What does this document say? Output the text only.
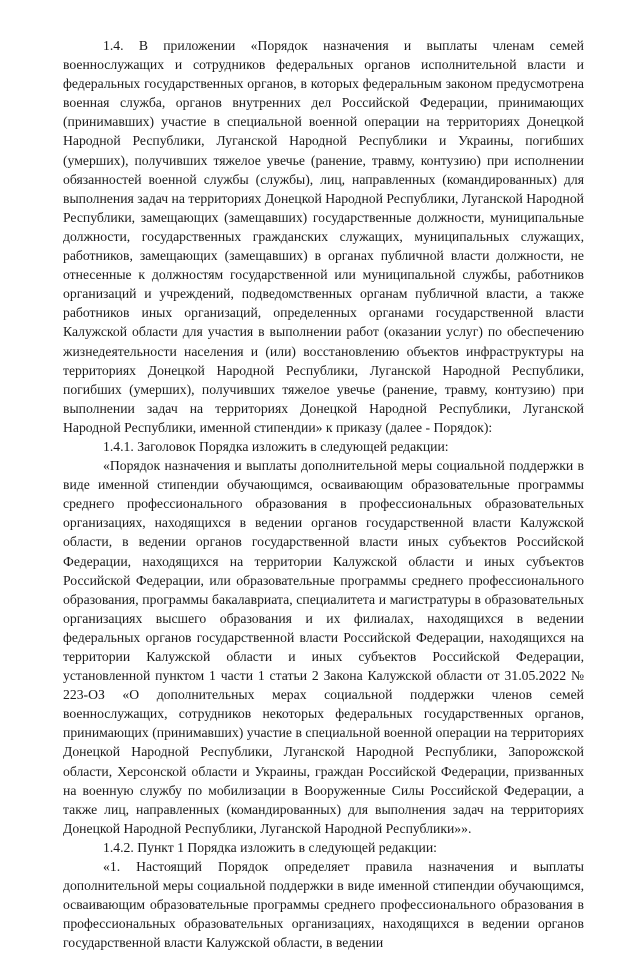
1.4. В приложении «Порядок назначения и выплаты членам семей военнослужащих и сотрудников федеральных органов исполнительной власти и федеральных государственных органов, в которых федеральным законом предусмотрена военная служба, органов внутренних дел Российской Федерации, принимающих (принимавших) участие в специальной военной операции на территориях Донецкой Народной Республики, Луганской Народной Республики и Украины, погибших (умерших), получивших тяжелое увечье (ранение, травму, контузию) при исполнении обязанностей военной службы (службы), лиц, направленных (командированных) для выполнения задач на территориях Донецкой Народной Республики, Луганской Народной Республики, замещающих (замещавших) государственные должности, муниципальные должности, государственных гражданских служащих, муниципальных служащих, работников, замещающих (замещавших) в органах публичной власти должности, не отнесенные к должностям государственной или муниципальной службы, работников организаций и учреждений, подведомственных органам публичной власти, а также работников иных организаций, определенных органами государственной власти Калужской области для участия в выполнении работ (оказании услуг) по обеспечению жизнедеятельности населения и (или) восстановлению объектов инфраструктуры на территориях Донецкой Народной Республики, Луганской Народной Республики, погибших (умерших), получивших тяжелое увечье (ранение, травму, контузию) при выполнении задач на территориях Донецкой Народной Республики, Луганской Народной Республики, именной стипендии» к приказу (далее - Порядок):

1.4.1. Заголовок Порядка изложить в следующей редакции:

«Порядок назначения и выплаты дополнительной меры социальной поддержки в виде именной стипендии обучающимся, осваивающим образовательные программы среднего профессионального образования в профессиональных образовательных организациях, находящихся в ведении органов государственной власти Калужской области, в ведении органов государственной власти иных субъектов Российской Федерации, находящихся на территории Калужской области и иных субъектов Российской Федерации, или образовательные программы среднего профессионального образования, программы бакалавриата, специалитета и магистратуры в образовательных организациях высшего образования и их филиалах, находящихся в ведении федеральных органов государственной власти Российской Федерации, находящихся на территории Калужской области и иных субъектов Российской Федерации, установленной пунктом 1 части 1 статьи 2 Закона Калужской области от 31.05.2022 № 223-ОЗ «О дополнительных мерах социальной поддержки членов семей военнослужащих, сотрудников некоторых федеральных государственных органов, принимающих (принимавших) участие в специальной военной операции на территориях Донецкой Народной Республики, Луганской Народной Республики, Запорожской области, Херсонской области и Украины, граждан Российской Федерации, призванных на военную службу по мобилизации в Вооруженные Силы Российской Федерации, а также лиц, направленных (командированных) для выполнения задач на территориях Донецкой Народной Республики, Луганской Народной Республики»».

1.4.2. Пункт 1 Порядка изложить в следующей редакции:

«1. Настоящий Порядок определяет правила назначения и выплаты дополнительной меры социальной поддержки в виде именной стипендии обучающимся, осваивающим образовательные программы среднего профессионального образования в профессиональных образовательных организациях, находящихся в ведении органов государственной власти Калужской области, в ведении
